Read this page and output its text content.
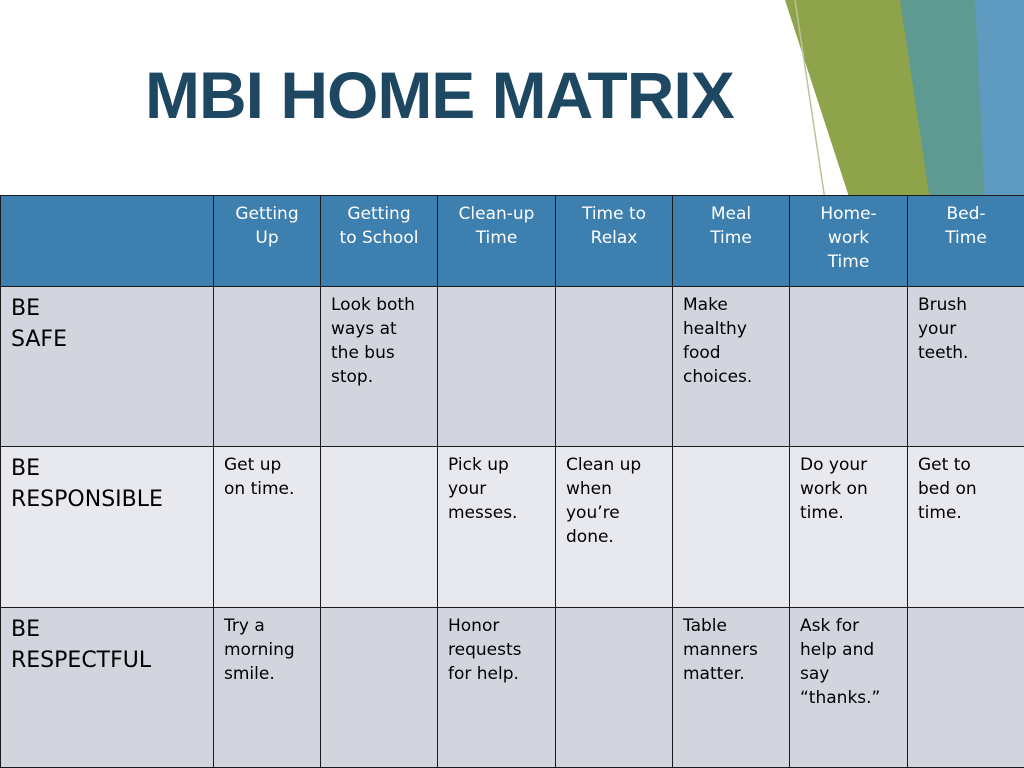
MBI HOME MATRIX
	Getting
Up	Getting
to School	Clean-up
Time	Time to
Relax	Meal
Time	Home-
work
Time	Bed-
Time
BE
SAFE		Look both
ways at
the bus
stop.			Make
healthy
food
choices.		Brush
your
teeth.
BE
RESPONSIBLE	Get up
on time.		Pick up
your
messes.	Clean up
when
you’re
done.		Do your
work on
time.	Get to
bed on
time.
BE
RESPECTFUL	Try a
morning
smile.		Honor
requests
for help.		Table
manners
matter.	Ask for
help and
say
“thanks.”	
